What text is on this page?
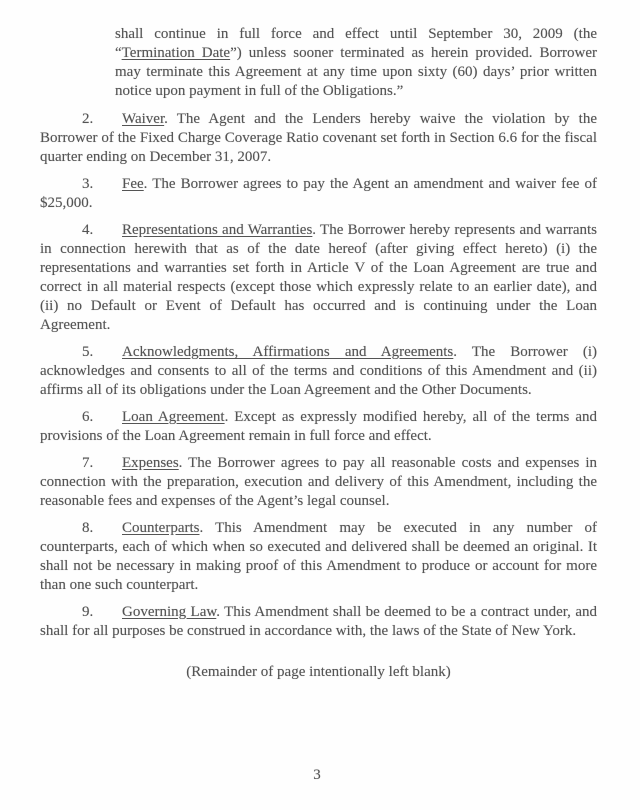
shall continue in full force and effect until September 30, 2009 (the “Termination Date”) unless sooner terminated as herein provided. Borrower may terminate this Agreement at any time upon sixty (60) days’ prior written notice upon payment in full of the Obligations.”

2. Waiver. The Agent and the Lenders hereby waive the violation by the Borrower of the Fixed Charge Coverage Ratio covenant set forth in Section 6.6 for the fiscal quarter ending on December 31, 2007.

3. Fee. The Borrower agrees to pay the Agent an amendment and waiver fee of $25,000.

4. Representations and Warranties. The Borrower hereby represents and warrants in connection herewith that as of the date hereof (after giving effect hereto) (i) the representations and warranties set forth in Article V of the Loan Agreement are true and correct in all material respects (except those which expressly relate to an earlier date), and (ii) no Default or Event of Default has occurred and is continuing under the Loan Agreement.

5. Acknowledgments, Affirmations and Agreements. The Borrower (i) acknowledges and consents to all of the terms and conditions of this Amendment and (ii) affirms all of its obligations under the Loan Agreement and the Other Documents.

6. Loan Agreement. Except as expressly modified hereby, all of the terms and provisions of the Loan Agreement remain in full force and effect.

7. Expenses. The Borrower agrees to pay all reasonable costs and expenses in connection with the preparation, execution and delivery of this Amendment, including the reasonable fees and expenses of the Agent’s legal counsel.

8. Counterparts. This Amendment may be executed in any number of counterparts, each of which when so executed and delivered shall be deemed an original. It shall not be necessary in making proof of this Amendment to produce or account for more than one such counterpart.

9. Governing Law. This Amendment shall be deemed to be a contract under, and shall for all purposes be construed in accordance with, the laws of the State of New York.

(Remainder of page intentionally left blank)
3
